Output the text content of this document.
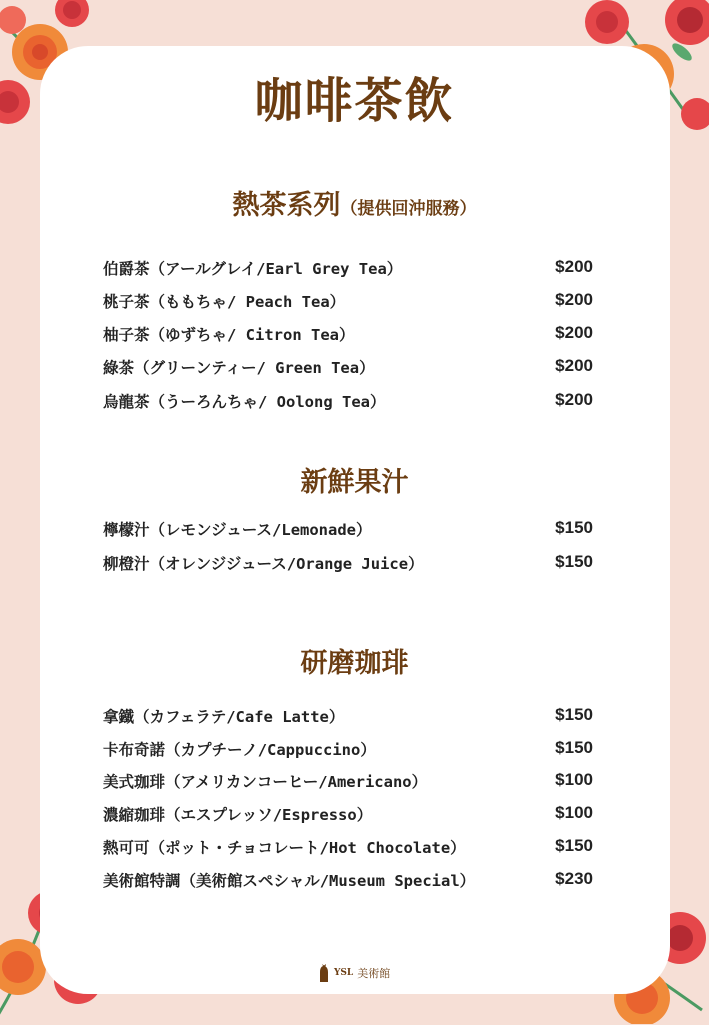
咖啡茶飲
熱茶系列（提供回沖服務）
伯爵茶（アールグレイ/Earl Grey Tea）	$200
桃子茶（ももちゃ/ Peach Tea）	$200
柚子茶（ゆずちゃ/ Citron Tea）	$200
綠茶（グリーンティー/ Green Tea）	$200
烏龍茶（うーろんちゃ/ Oolong Tea）	$200
新鮮果汁
檸檬汁（レモンジュース/Lemonade）	$150
柳橙汁（オレンジジュース/Orange Juice）	$150
研磨珈琲
拿鐵（カフェラテ/Cafe Latte）	$150
卡布奇諾（カプチーノ/Cappuccino）	$150
美式珈琲（アメリカンコーヒー/Americano）	$100
濃縮珈琲（エスプレッソ/Espresso）	$100
熱可可（ポット・チョコレート/Hot Chocolate）	$150
美術館特調（美術館スペシャル/Museum Special）	$230
YSL 美術館
